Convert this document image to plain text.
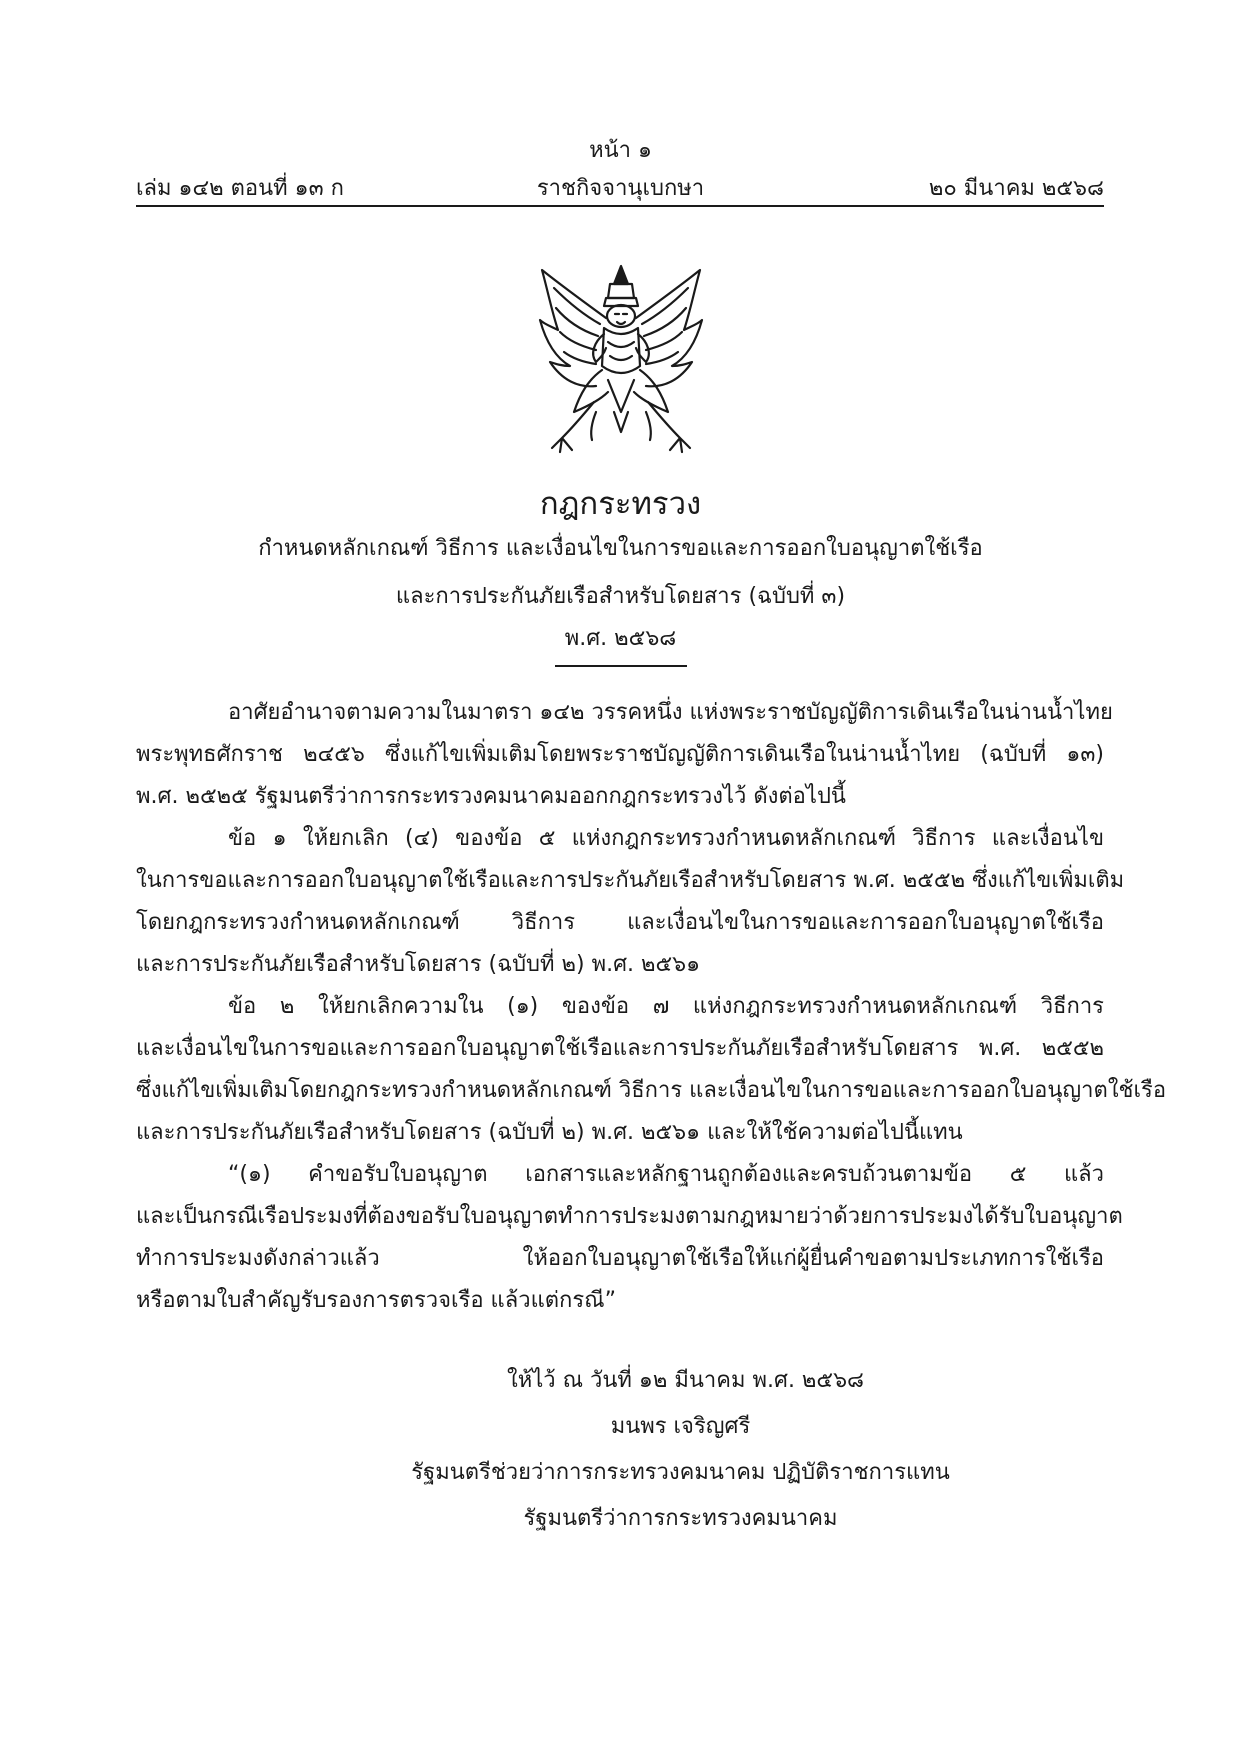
หน้า ๑
เล่ม ๑๔๒ ตอนที่ ๑๓ ก	ราชกิจจานุเบกษา	๒๐ มีนาคม ๒๕๖๘
กฎกระทรวง
กำหนดหลักเกณฑ์ วิธีการ และเงื่อนไขในการขอและการออกใบอนุญาตใช้เรือ
และการประกันภัยเรือสำหรับโดยสาร (ฉบับที่ ๓)
พ.ศ. ๒๕๖๘
อาศัยอำนาจตามความในมาตรา ๑๔๒ วรรคหนึ่ง แห่งพระราชบัญญัติการเดินเรือในน่านน้ำไทย
พระพุทธศักราช ๒๔๕๖ ซึ่งแก้ไขเพิ่มเติมโดยพระราชบัญญัติการเดินเรือในน่านน้ำไทย (ฉบับที่ ๑๓)
พ.ศ. ๒๕๒๕ รัฐมนตรีว่าการกระทรวงคมนาคมออกกฎกระทรวงไว้ ดังต่อไปนี้
ข้อ ๑ ให้ยกเลิก (๔) ของข้อ ๕ แห่งกฎกระทรวงกำหนดหลักเกณฑ์ วิธีการ และเงื่อนไข
ในการขอและการออกใบอนุญาตใช้เรือและการประกันภัยเรือสำหรับโดยสาร พ.ศ. ๒๕๕๒ ซึ่งแก้ไขเพิ่มเติม
โดยกฎกระทรวงกำหนดหลักเกณฑ์ วิธีการ และเงื่อนไขในการขอและการออกใบอนุญาตใช้เรือ
และการประกันภัยเรือสำหรับโดยสาร (ฉบับที่ ๒) พ.ศ. ๒๕๖๑
ข้อ ๒ ให้ยกเลิกความใน (๑) ของข้อ ๗ แห่งกฎกระทรวงกำหนดหลักเกณฑ์ วิธีการ
และเงื่อนไขในการขอและการออกใบอนุญาตใช้เรือและการประกันภัยเรือสำหรับโดยสาร พ.ศ. ๒๕๕๒
ซึ่งแก้ไขเพิ่มเติมโดยกฎกระทรวงกำหนดหลักเกณฑ์ วิธีการ และเงื่อนไขในการขอและการออกใบอนุญาตใช้เรือ
และการประกันภัยเรือสำหรับโดยสาร (ฉบับที่ ๒) พ.ศ. ๒๕๖๑ และให้ใช้ความต่อไปนี้แทน
“(๑) คำขอรับใบอนุญาต เอกสารและหลักฐานถูกต้องและครบถ้วนตามข้อ ๕ แล้ว
และเป็นกรณีเรือประมงที่ต้องขอรับใบอนุญาตทำการประมงตามกฎหมายว่าด้วยการประมงได้รับใบอนุญาต
ทำการประมงดังกล่าวแล้ว ให้ออกใบอนุญาตใช้เรือให้แก่ผู้ยื่นคำขอตามประเภทการใช้เรือ
หรือตามใบสำคัญรับรองการตรวจเรือ แล้วแต่กรณี”
ให้ไว้ ณ วันที่ ๑๒ มีนาคม พ.ศ. ๒๕๖๘
มนพร เจริญศรี
รัฐมนตรีช่วยว่าการกระทรวงคมนาคม ปฏิบัติราชการแทน
รัฐมนตรีว่าการกระทรวงคมนาคม
